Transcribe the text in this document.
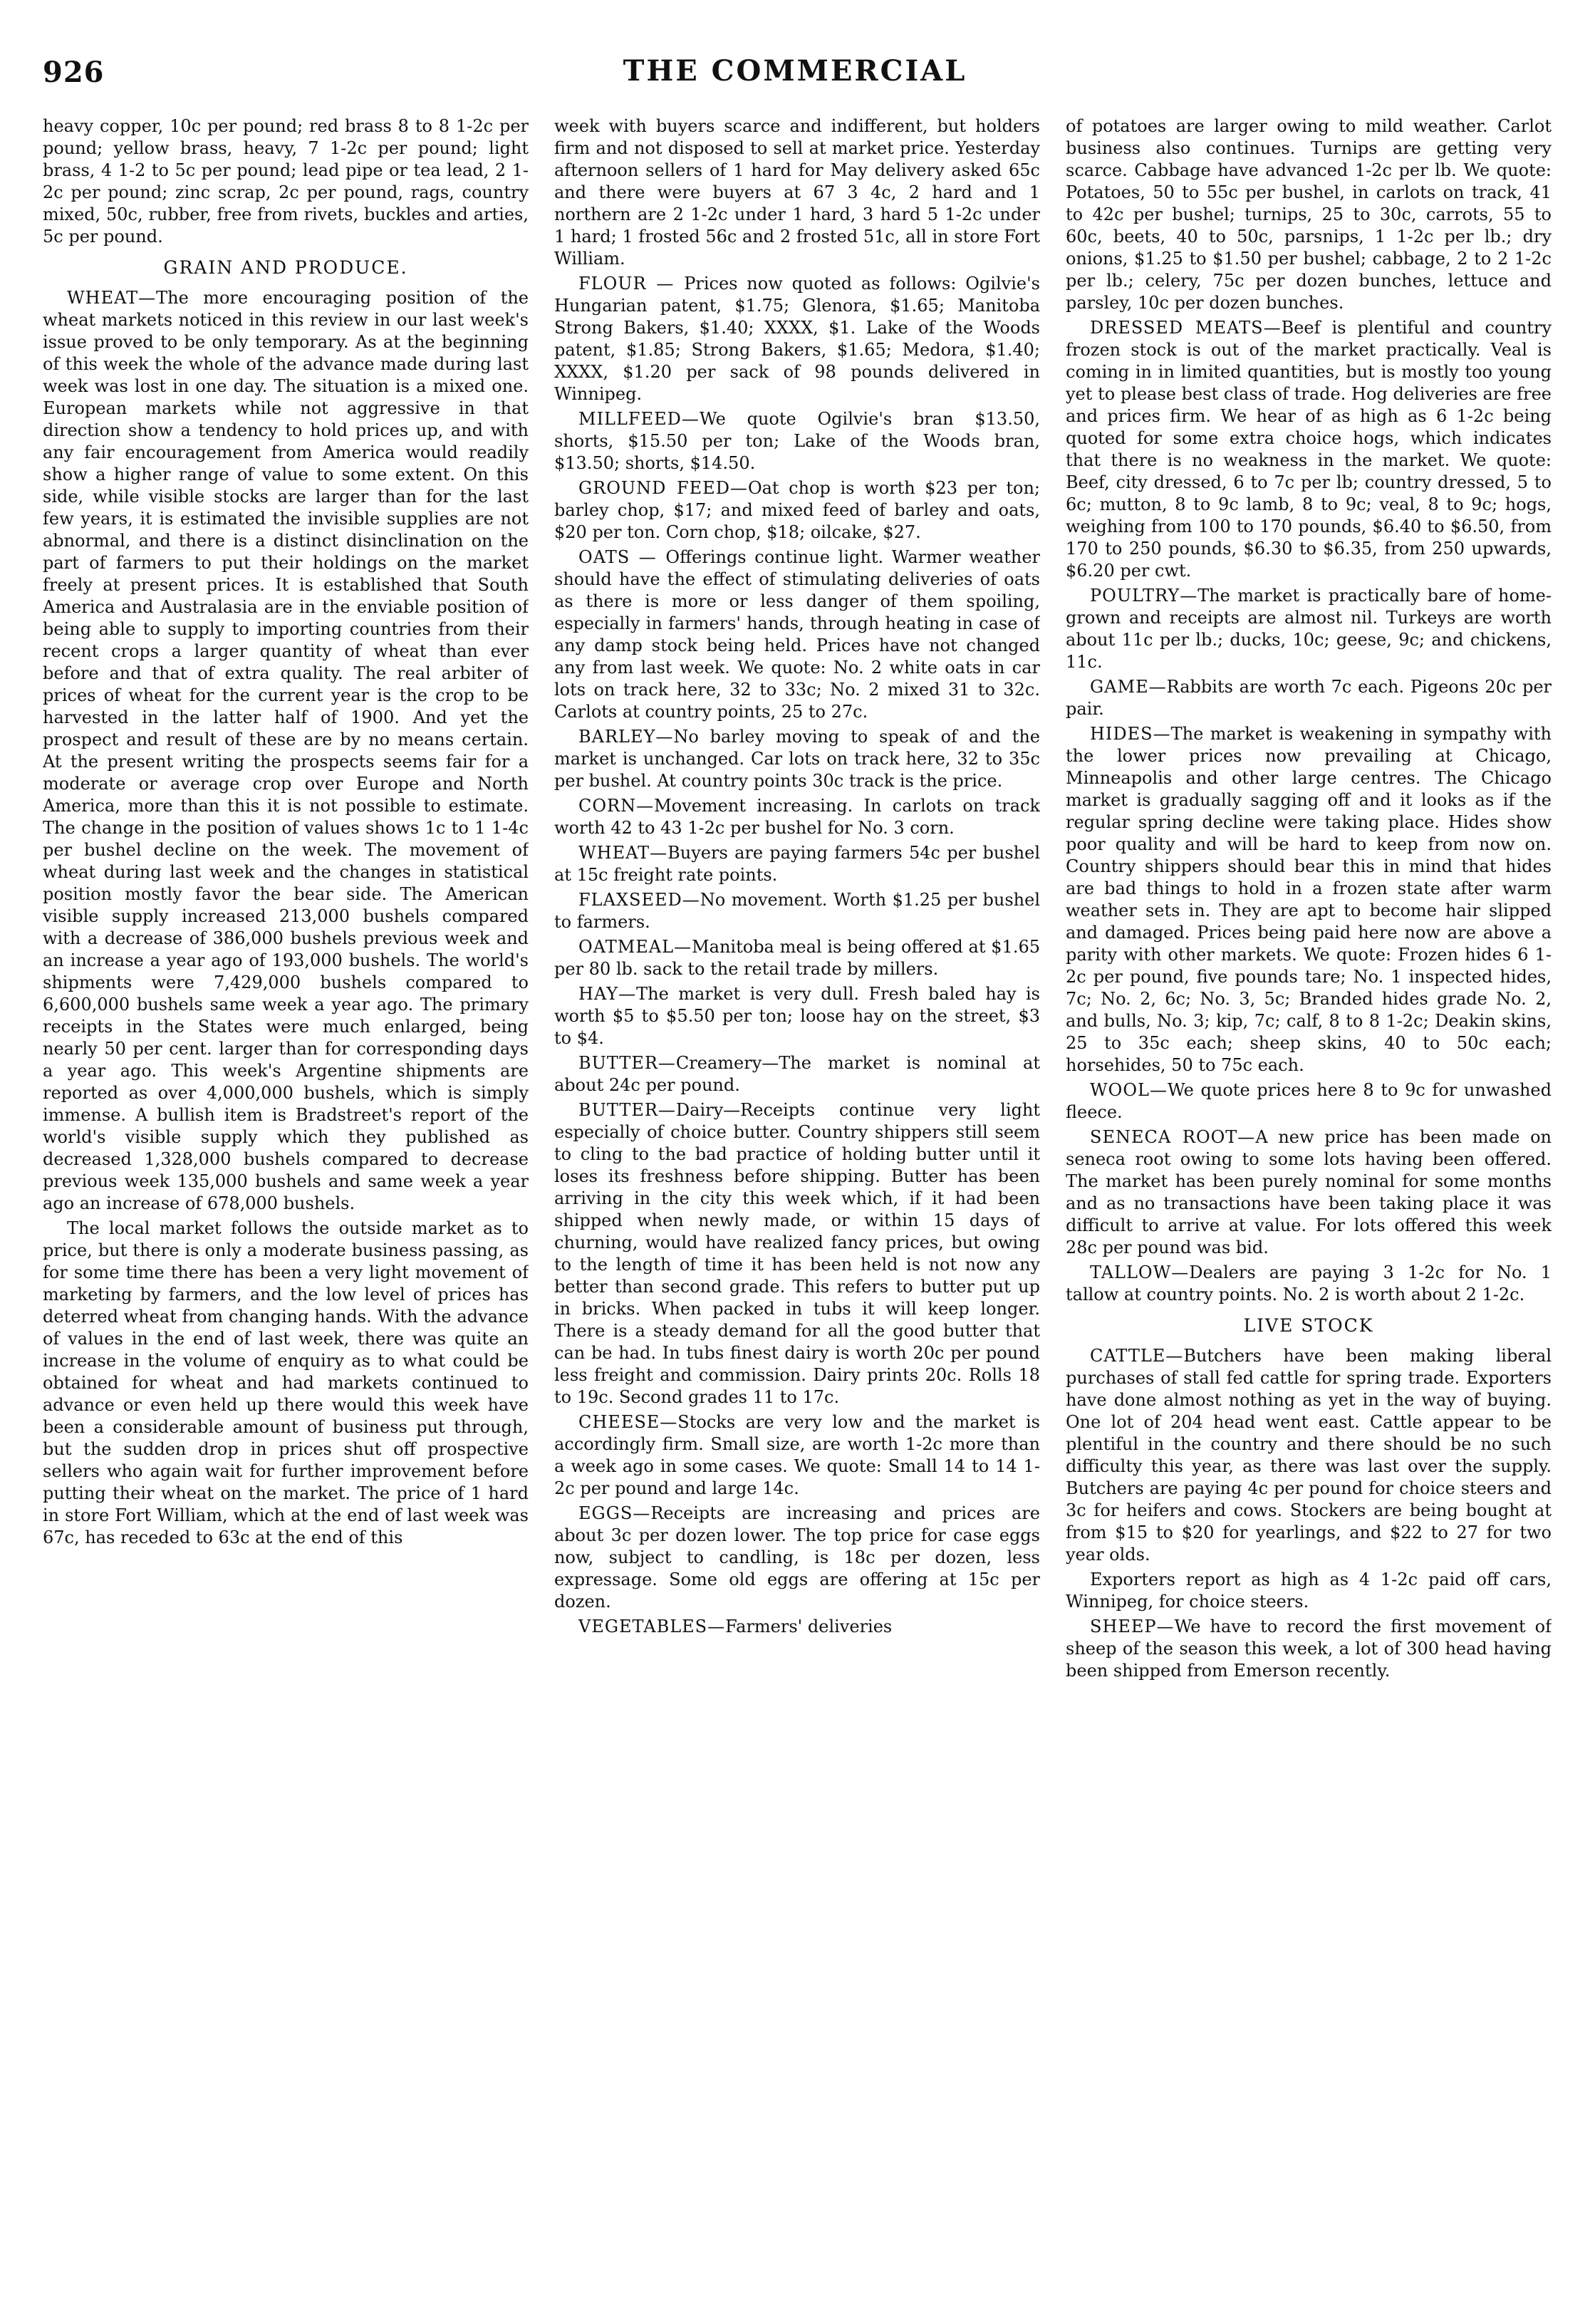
926	THE COMMERCIAL

heavy copper, 10c per pound; red brass 8 to 8 1-2c per pound; yellow brass, heavy, 7 1-2c per pound; light brass, 4 1-2 to 5c per pound; lead pipe or tea lead, 2 1-2c per pound; zinc scrap, 2c per pound, rags, country mixed, 50c, rubber, free from rivets, buckles and arties, 5c per pound.

GRAIN AND PRODUCE.

WHEAT—The more encouraging position of the wheat markets noticed in this review in our last week's issue proved to be only temporary. As at the beginning of this week the whole of the advance made during last week was lost in one day. The situation is a mixed one. European markets while not aggressive in that direction show a tendency to hold prices up, and with any fair encouragement from America would readily show a higher range of value to some extent. On this side, while visible stocks are larger than for the last few years, it is estimated the invisible supplies are not abnormal, and there is a distinct disinclination on the part of farmers to put their holdings on the market freely at present prices. It is established that South America and Australasia are in the enviable position of being able to supply to importing countries from their recent crops a larger quantity of wheat than ever before and that of extra quality. The real arbiter of prices of wheat for the current year is the crop to be harvested in the latter half of 1900. And yet the prospect and result of these are by no means certain. At the present writing the prospects seems fair for a moderate or average crop over Europe and North America, more than this it is not possible to estimate. The change in the position of values shows 1c to 1 1-4c per bushel decline on the week. The movement of wheat during last week and the changes in statistical position mostly favor the bear side. The American visible supply increased 213,000 bushels compared with a decrease of 386,000 bushels previous week and an increase a year ago of 193,000 bushels. The world's shipments were 7,429,000 bushels compared to 6,600,000 bushels same week a year ago. The primary receipts in the States were much enlarged, being nearly 50 per cent. larger than for corresponding days a year ago. This week's Argentine shipments are reported as over 4,000,000 bushels, which is simply immense. A bullish item is Bradstreet's report of the world's visible supply which they published as decreased 1,328,000 bushels compared to decrease previous week 135,000 bushels and same week a year ago an increase of 678,000 bushels.

The local market follows the outside market as to price, but there is only a moderate business passing, as for some time there has been a very light movement of marketing by farmers, and the low level of prices has deterred wheat from changing hands. With the advance of values in the end of last week, there was quite an increase in the volume of enquiry as to what could be obtained for wheat and had markets continued to advance or even held up there would this week have been a considerable amount of business put through, but the sudden drop in prices shut off prospective sellers who again wait for further improvement before putting their wheat on the market. The price of 1 hard in store Fort William, which at the end of last week was 67c, has receded to 63c at the end of this

week with buyers scarce and indifferent, but holders firm and not disposed to sell at market price. Yesterday afternoon sellers of 1 hard for May delivery asked 65c and there were buyers at 67 3 4c, 2 hard and 1 northern are 2 1-2c under 1 hard, 3 hard 5 1-2c under 1 hard; 1 frosted 56c and 2 frosted 51c, all in store Fort William.

FLOUR — Prices now quoted as follows: Ogilvie's Hungarian patent, $1.75; Glenora, $1.65; Manitoba Strong Bakers, $1.40; XXXX, $1. Lake of the Woods patent, $1.85; Strong Bakers, $1.65; Medora, $1.40; XXXX, $1.20 per sack of 98 pounds delivered in Winnipeg.

MILLFEED—We quote Ogilvie's bran $13.50, shorts, $15.50 per ton; Lake of the Woods bran, $13.50; shorts, $14.50.

GROUND FEED—Oat chop is worth $23 per ton; barley chop, $17; and mixed feed of barley and oats, $20 per ton. Corn chop, $18; oilcake, $27.

OATS — Offerings continue light. Warmer weather should have the effect of stimulating deliveries of oats as there is more or less danger of them spoiling, especially in farmers' hands, through heating in case of any damp stock being held. Prices have not changed any from last week. We quote: No. 2 white oats in car lots on track here, 32 to 33c; No. 2 mixed 31 to 32c. Carlots at country points, 25 to 27c.

BARLEY—No barley moving to speak of and the market is unchanged. Car lots on track here, 32 to 35c per bushel. At country points 30c track is the price.

CORN—Movement increasing. In carlots on track worth 42 to 43 1-2c per bushel for No. 3 corn.

WHEAT—Buyers are paying farmers 54c per bushel at 15c freight rate points.

FLAXSEED—No movement. Worth $1.25 per bushel to farmers.

OATMEAL—Manitoba meal is being offered at $1.65 per 80 lb. sack to the retail trade by millers.

HAY—The market is very dull. Fresh baled hay is worth $5 to $5.50 per ton; loose hay on the street, $3 to $4.

BUTTER—Creamery—The market is nominal at about 24c per pound.

BUTTER—Dairy—Receipts continue very light especially of choice butter. Country shippers still seem to cling to the bad practice of holding butter until it loses its freshness before shipping. Butter has been arriving in the city this week which, if it had been shipped when newly made, or within 15 days of churning, would have realized fancy prices, but owing to the length of time it has been held is not now any better than second grade. This refers to butter put up in bricks. When packed in tubs it will keep longer. There is a steady demand for all the good butter that can be had. In tubs finest dairy is worth 20c per pound less freight and commission. Dairy prints 20c. Rolls 18 to 19c. Second grades 11 to 17c.

CHEESE—Stocks are very low and the market is accordingly firm. Small size, are worth 1-2c more than a week ago in some cases. We quote: Small 14 to 14 1-2c per pound and large 14c.

EGGS—Receipts are increasing and prices are about 3c per dozen lower. The top price for case eggs now, subject to candling, is 18c per dozen, less expressage. Some old eggs are offering at 15c per dozen.

VEGETABLES—Farmers' deliveries

of potatoes are larger owing to mild weather. Carlot business also continues. Turnips are getting very scarce. Cabbage have advanced 1-2c per lb. We quote: Potatoes, 50 to 55c per bushel, in carlots on track, 41 to 42c per bushel; turnips, 25 to 30c, carrots, 55 to 60c, beets, 40 to 50c, parsnips, 1 1-2c per lb.; dry onions, $1.25 to $1.50 per bushel; cabbage, 2 to 2 1-2c per lb.; celery, 75c per dozen bunches, lettuce and parsley, 10c per dozen bunches.

DRESSED MEATS—Beef is plentiful and country frozen stock is out of the market practically. Veal is coming in in limited quantities, but is mostly too young yet to please best class of trade. Hog deliveries are free and prices firm. We hear of as high as 6 1-2c being quoted for some extra choice hogs, which indicates that there is no weakness in the market. We quote: Beef, city dressed, 6 to 7c per lb; country dressed, 5 to 6c; mutton, 8 to 9c lamb, 8 to 9c; veal, 8 to 9c; hogs, weighing from 100 to 170 pounds, $6.40 to $6.50, from 170 to 250 pounds, $6.30 to $6.35, from 250 upwards, $6.20 per cwt.

POULTRY—The market is practically bare of home-grown and receipts are almost nil. Turkeys are worth about 11c per lb.; ducks, 10c; geese, 9c; and chickens, 11c.

GAME—Rabbits are worth 7c each. Pigeons 20c per pair.

HIDES—The market is weakening in sympathy with the lower prices now prevailing at Chicago, Minneapolis and other large centres. The Chicago market is gradually sagging off and it looks as if the regular spring decline were taking place. Hides show poor quality and will be hard to keep from now on. Country shippers should bear this in mind that hides are bad things to hold in a frozen state after warm weather sets in. They are apt to become hair slipped and damaged. Prices being paid here now are above a parity with other markets. We quote: Frozen hides 6 1-2c per pound, five pounds tare; No. 1 inspected hides, 7c; No. 2, 6c; No. 3, 5c; Branded hides grade No. 2, and bulls, No. 3; kip, 7c; calf, 8 to 8 1-2c; Deakin skins, 25 to 35c each; sheep skins, 40 to 50c each; horsehides, 50 to 75c each.

WOOL—We quote prices here 8 to 9c for unwashed fleece.

SENECA ROOT—A new price has been made on seneca root owing to some lots having been offered. The market has been purely nominal for some months and as no transactions have been taking place it was difficult to arrive at value. For lots offered this week 28c per pound was bid.

TALLOW—Dealers are paying 3 1-2c for No. 1 tallow at country points. No. 2 is worth about 2 1-2c.

LIVE STOCK

CATTLE—Butchers have been making liberal purchases of stall fed cattle for spring trade. Exporters have done almost nothing as yet in the way of buying. One lot of 204 head went east. Cattle appear to be plentiful in the country and there should be no such difficulty this year, as there was last over the supply. Butchers are paying 4c per pound for choice steers and 3c for heifers and cows. Stockers are being bought at from $15 to $20 for yearlings, and $22 to 27 for two year olds.

Exporters report as high as 4 1-2c paid off cars, Winnipeg, for choice steers.

SHEEP—We have to record the first movement of sheep of the season this week, a lot of 300 head having been shipped from Emerson recently.
